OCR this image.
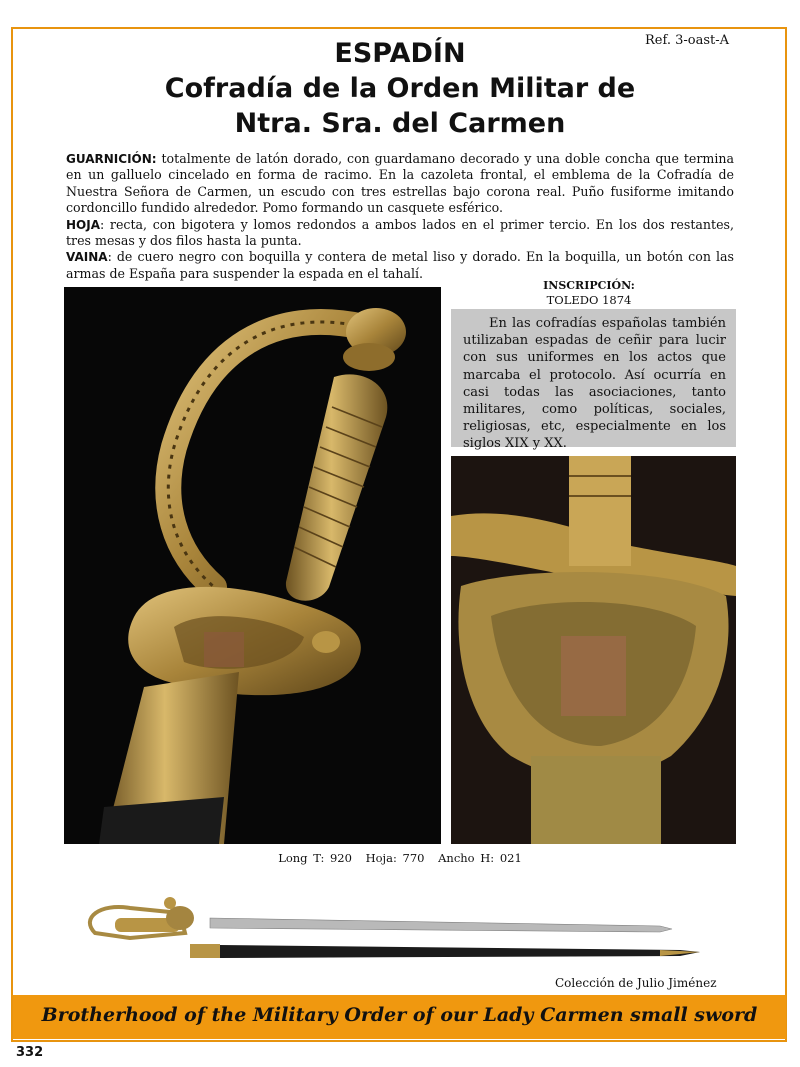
Ref. 3-oast-A
ESPADÍN
Cofradía de la Orden Militar de
Ntra. Sra. del Carmen

GUARNICIÓN: totalmente de latón dorado, con guardamano decorado y una doble concha que termina en un galluelo cincelado en forma de racimo. En la cazoleta frontal, el emblema de la Cofradía de Nuestra Señora de Carmen, un escudo con tres estrellas bajo corona real. Puño fusiforme imitando cordoncillo fundido alrededor. Pomo formando un casquete esférico.

HOJA: recta, con bigotera y lomos redondos a ambos lados en el primer tercio. En los dos restantes, tres mesas y dos filos hasta la punta.

VAINA: de cuero negro con boquilla y contera de metal liso y dorado. En la boquilla, un botón con las armas de España para suspender la espada en el tahalí.

INSCRIPCIÓN:
TOLEDO 1874
En las cofradías españolas también utilizaban espadas de ceñir para lucir con sus uniformes en los actos que marcaba el protocolo. Así ocurría en casi todas las asociaciones, tanto militares, como políticas, sociales, religiosas, etc, especialmente en los siglos XIX y XX.
Long T: 920 Hoja: 770 Ancho H: 021
Colección de Julio Jiménez
Brotherhood of the Military Order of our Lady Carmen small sword
332
